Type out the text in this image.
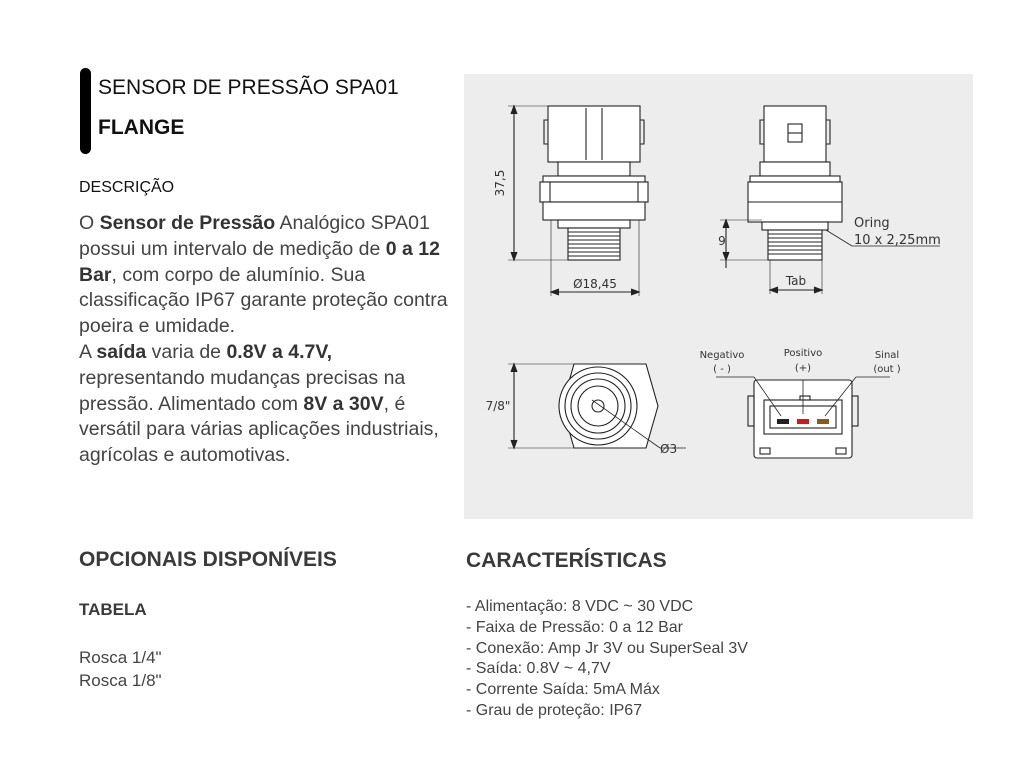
SENSOR DE PRESSÃO SPA01
FLANGE
DESCRIÇÃO

O Sensor de Pressão Analógico SPA01 possui um intervalo de medição de 0 a 12 Bar, com corpo de alumínio. Sua classificação IP67 garante proteção contra poeira e umidade.

A saída varia de 0.8V a 4.7V, representando mudanças precisas na pressão. Alimentado com 8V a 30V, é versátil para várias aplicações industriais, agrícolas e automotivas.

OPCIONAIS DISPONÍVEIS
TABELA
Rosca 1/4"
Rosca 1/8"
CARACTERÍSTICAS
- Alimentação: 8 VDC ~ 30 VDC
- Faixa de Pressão: 0 a 12 Bar
- Conexão: Amp Jr 3V ou SuperSeal 3V
- Saída: 0.8V ~ 4,7V
- Corrente Saída: 5mA Máx
- Grau de proteção: IP67
37,5
Ø18,45
9
Oring
10 x 2,25mm
Tab
7/8"
Ø3
Negativo
( - )
Positivo
(+)
Sinal
(out )
